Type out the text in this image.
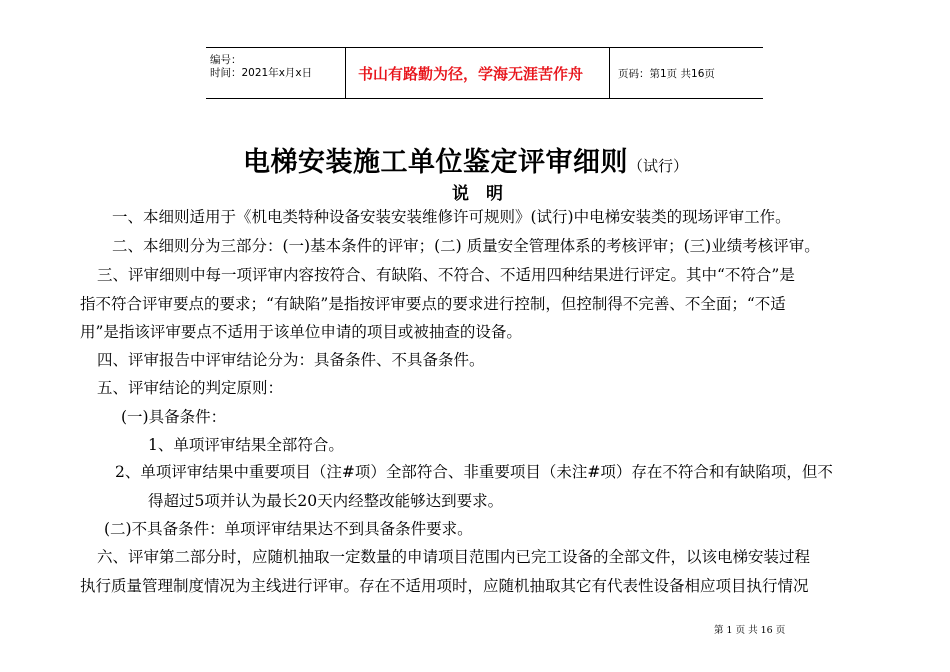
编号：
时间：2021年x月x日	书山有路勤为径，学海无涯苦作舟	页码：第1页 共16页
电梯安装施工单位鉴定评审细则（试行）
说　明
一、本细则适用于《机电类特种设备安装安装维修许可规则》(试行)中电梯安装类的现场评审工作。
二、本细则分为三部分：(一)基本条件的评审；(二) 质量安全管理体系的考核评审；(三)业绩考核评审。
三、评审细则中每一项评审内容按符合、有缺陷、不符合、不适用四种结果进行评定。其中“不符合”是
指不符合评审要点的要求；“有缺陷”是指按评审要点的要求进行控制，但控制得不完善、不全面；“不适
用”是指该评审要点不适用于该单位申请的项目或被抽查的设备。
四、评审报告中评审结论分为：具备条件、不具备条件。
五、评审结论的判定原则：
(一)具备条件：
1、单项评审结果全部符合。
2、单项评审结果中重要项目（注#项）全部符合、非重要项目（未注#项）存在不符合和有缺陷项，但不
得超过5项并认为最长20天内经整改能够达到要求。
(二)不具备条件：单项评审结果达不到具备条件要求。
六、评审第二部分时，应随机抽取一定数量的申请项目范围内已完工设备的全部文件，以该电梯安装过程
执行质量管理制度情况为主线进行评审。存在不适用项时，应随机抽取其它有代表性设备相应项目执行情况
第 1 页 共 16 页
